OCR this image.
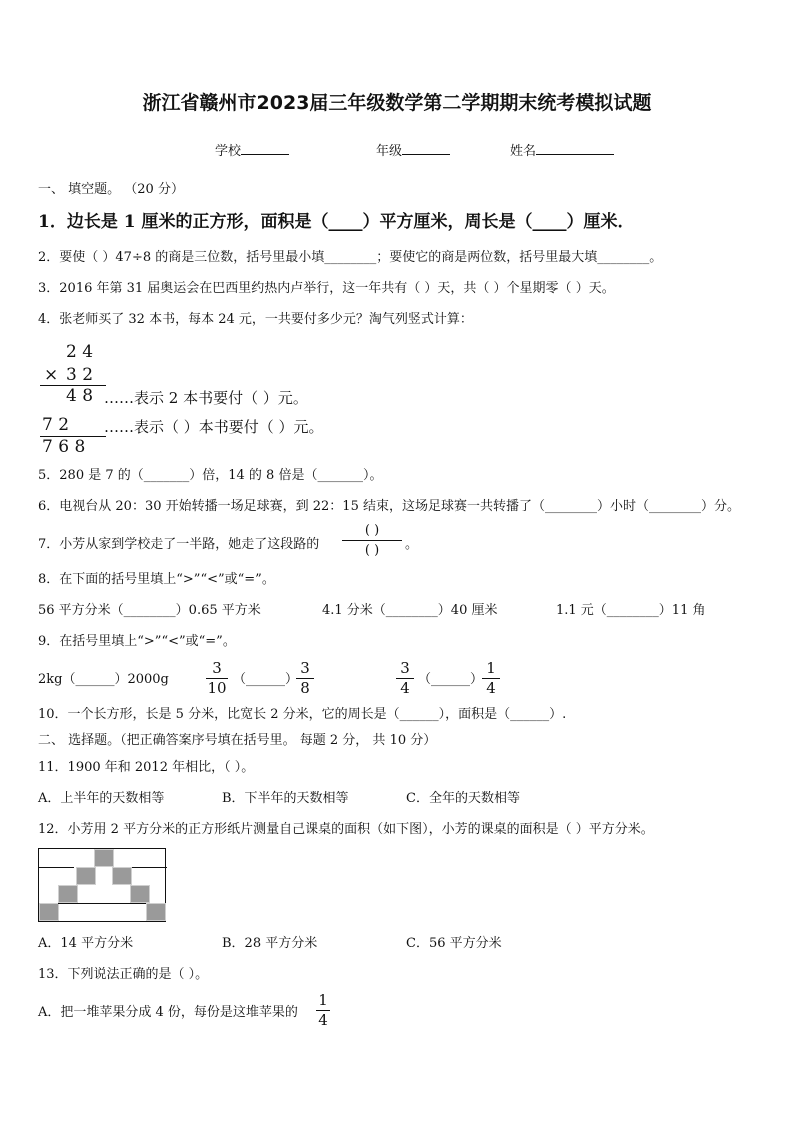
浙江省赣州市2023届三年级数学第二学期期末统考模拟试题
学校	年级	姓名
一、 填空题。 （20 分）
1．边长是 1 厘米的正方形，面积是（____）平方厘米，周长是（____）厘米．
2．要使（ ）47÷8 的商是三位数，括号里最小填________；要使它的商是两位数，括号里最大填________。
3．2016 年第 31 届奥运会在巴西里约热内卢举行，这一年共有（ ）天，共（ ）个星期零（ ）天。
4．张老师买了 32 本书，每本 24 元，一共要付多少元？淘气列竖式计算：
2 4
× 3 2
4 8 ……表示 2 本书要付（ ）元。
7 2 ……表示（ ）本书要付（ ）元。
7 6 8
5．280 是 7 的（_______）倍，14 的 8 倍是（_______）。
6．电视台从 20：30 开始转播一场足球赛，到 22：15 结束，这场足球赛一共转播了（________）小时（________）分。
7．小芳从家到学校走了一半路，她走了这段路的
( )
( )	。
8．在下面的括号里填上“>”“<”或“=”。
56 平方分米（________）0.65 平方米	4.1 分米（________）40 厘米	1.1 元（________）11 角
9．在括号里填上“>”“<”或“=”。
2kg（______）2000g
3
10 （______）
3
8
3
4 （______）
1
4
10．一个长方形，长是 5 分米，比宽长 2 分米，它的周长是（______），面积是（______）.
二、 选择题。（把正确答案序号填在括号里。 每题 2 分， 共 10 分）
11．1900 年和 2012 年相比，（ ）。
A．上半年的天数相等	B．下半年的天数相等	C．全年的天数相等
12．小芳用 2 平方分米的正方形纸片测量自己课桌的面积（如下图），小芳的课桌的面积是（ ）平方分米。
A．14 平方分米	B．28 平方分米	C．56 平方分米
13．下列说法正确的是（ ）。
A．把一堆苹果分成 4 份，每份是这堆苹果的
1
4
